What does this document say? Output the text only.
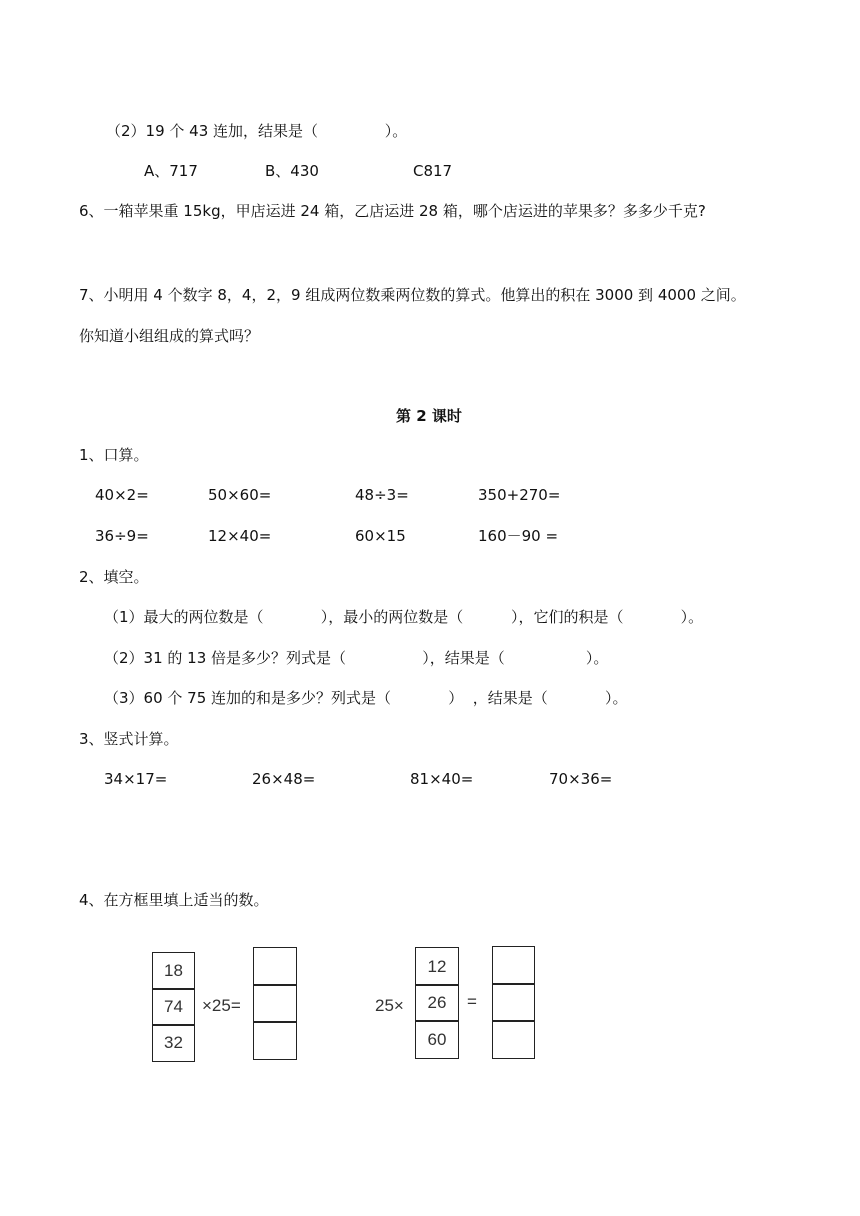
（2）19 个 43 连加，结果是（              ）。
A、717	B、430	C817
6、一箱苹果重 15kg，甲店运进 24 箱，乙店运进 28 箱，哪个店运进的苹果多？多多少千克?
7、小明用 4 个数字 8，4，2，9 组成两位数乘两位数的算式。他算出的积在 3000 到 4000 之间。
你知道小组组成的算式吗？
第 2 课时
1、口算。
40×2=	50×60=	48÷3=	350+270=
36÷9=	12×40=	60×15	160－90 =
2、填空。
（1）最大的两位数是（            ），最小的两位数是（          ），它们的积是（            ）。
（2）31 的 13 倍是多少？列式是（                ），结果是（                 ）。
（3）60 个 75 连加的和是多少？列式是（            ）  ，结果是（            ）。
3、竖式计算。
34×17=	26×48=	81×40=	70×36=
4、在方框里填上适当的数。
18
74
32
×25=	25×
12
26
60
=
